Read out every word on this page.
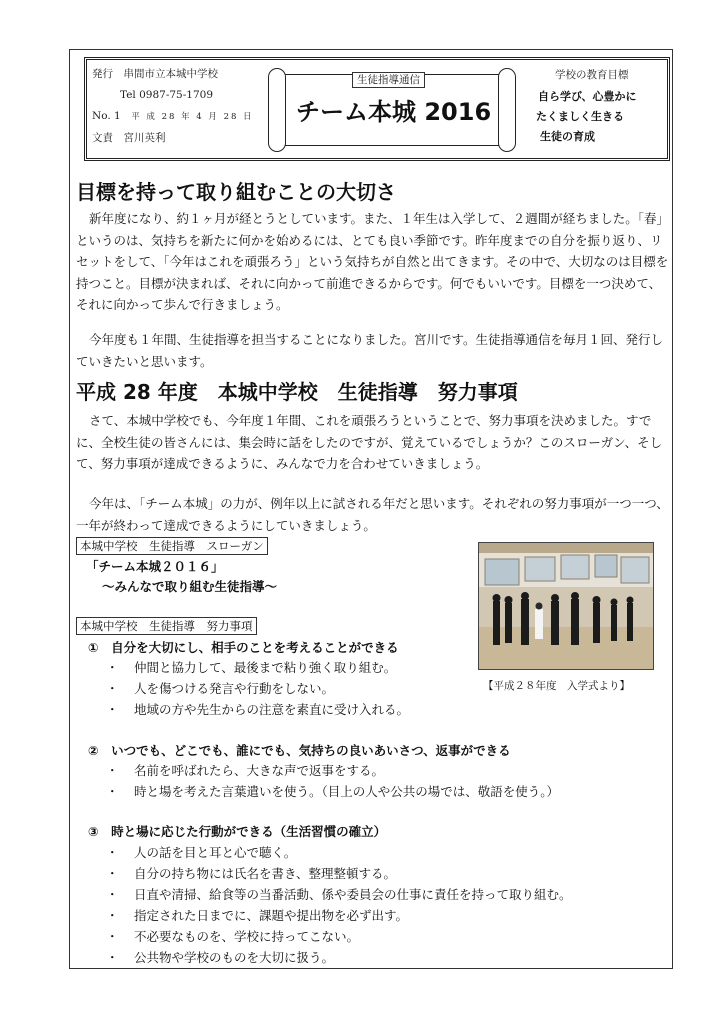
発行　 串間市立本城中学校
Tel 0987-75-1709
No. 1　 平 成 28 年 4 月 28 日
文責　 宮川英利
生徒指導通信
チーム本城 2016
学校の教育目標
自ら学び、心豊かに
たくましく生きる
生徒の育成
目標を持って取り組むことの大切さ

新年度になり、約１ヶ月が経とうとしています。また、１年生は入学して、２週間が経ちました。「春」というのは、気持ちを新たに何かを始めるには、とても良い季節です。昨年度までの自分を振り返り、リセットをして、「今年はこれを頑張ろう」という気持ちが自然と出てきます。その中で、大切なのは目標を持つこと。目標が決まれば、それに向かって前進できるからです。何でもいいです。目標を一つ決めて、それに向かって歩んで行きましょう。

今年度も１年間、生徒指導を担当することになりました。宮川です。生徒指導通信を毎月１回、発行していきたいと思います。

平成 28 年度　本城中学校　生徒指導　努力事項

さて、本城中学校でも、今年度１年間、これを頑張ろうということで、努力事項を決めました。すでに、全校生徒の皆さんには、集会時に話をしたのですが、覚えているでしょうか？このスローガン、そして、努力事項が達成できるように、みんなで力を合わせていきましょう。

今年は、「チーム本城」の力が、例年以上に試される年だと思います。それぞれの努力事項が一つ一つ、一年が終わって達成できるようにしていきましょう。

本城中学校　生徒指導　スローガン
「チーム本城２０１６」
～みんなで取り組む生徒指導～
本城中学校　生徒指導　努力事項
【平成２８年度　入学式より】
①　自分を大切にし、相手のことを考えることができる
・ 仲間と協力して、最後まで粘り強く取り組む。
・ 人を傷つける発言や行動をしない。
・ 地域の方や先生からの注意を素直に受け入れる。
②　いつでも、どこでも、誰にでも、気持ちの良いあいさつ、返事ができる
・ 名前を呼ばれたら、大きな声で返事をする。
・ 時と場を考えた言葉遣いを使う。（目上の人や公共の場では、敬語を使う。）
③　時と場に応じた行動ができる（生活習慣の確立）
・ 人の話を目と耳と心で聴く。
・ 自分の持ち物には氏名を書き、整理整頓する。
・ 日直や清掃、給食等の当番活動、係や委員会の仕事に責任を持って取り組む。
・ 指定された日までに、課題や提出物を必ず出す。
・ 不必要なものを、学校に持ってこない。
・ 公共物や学校のものを大切に扱う。
